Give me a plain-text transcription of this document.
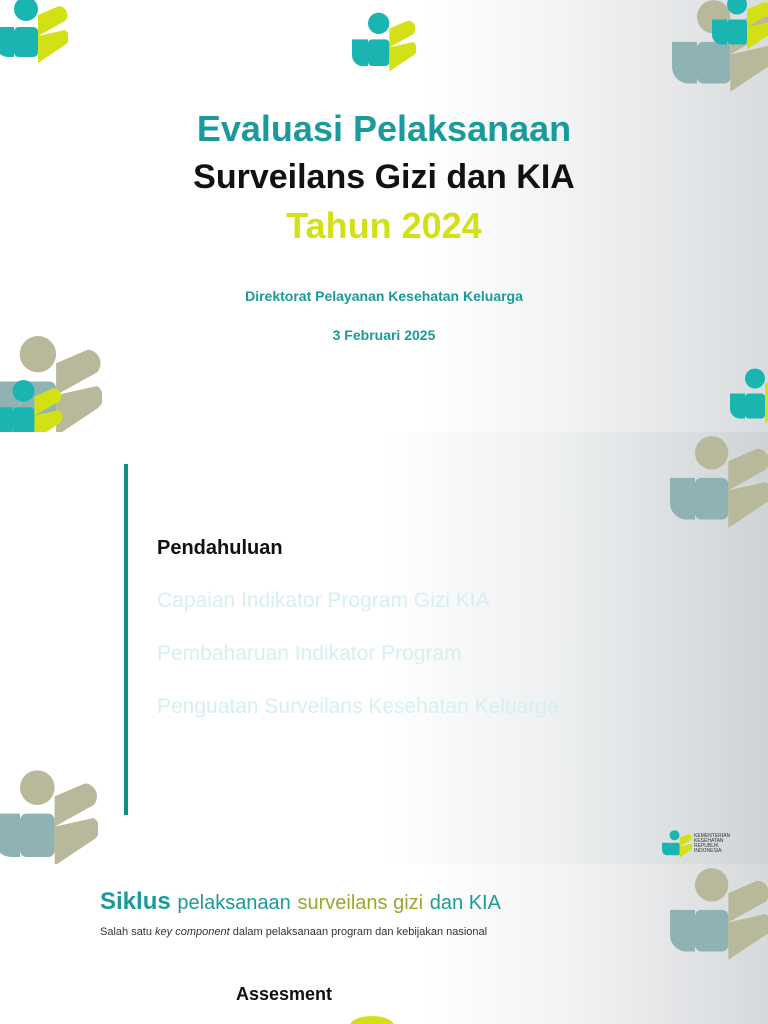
Evaluasi Pelaksanaan
Surveilans Gizi dan KIA
Tahun 2024
Direktorat Pelayanan Kesehatan Keluarga
3 Februari 2025
Pendahuluan
Capaian Indikator Program Gizi KIA
Pembaharuan Indikator Program
Penguatan Surveilans Kesehatan Keluarga
KEMENTERIAN
KESEHATAN
REPUBLIK
INDONESIA
Siklus pelaksanaan surveilans gizi dan KIA
Salah satu key component dalam pelaksanaan program dan kebijakan nasional
Assesment
